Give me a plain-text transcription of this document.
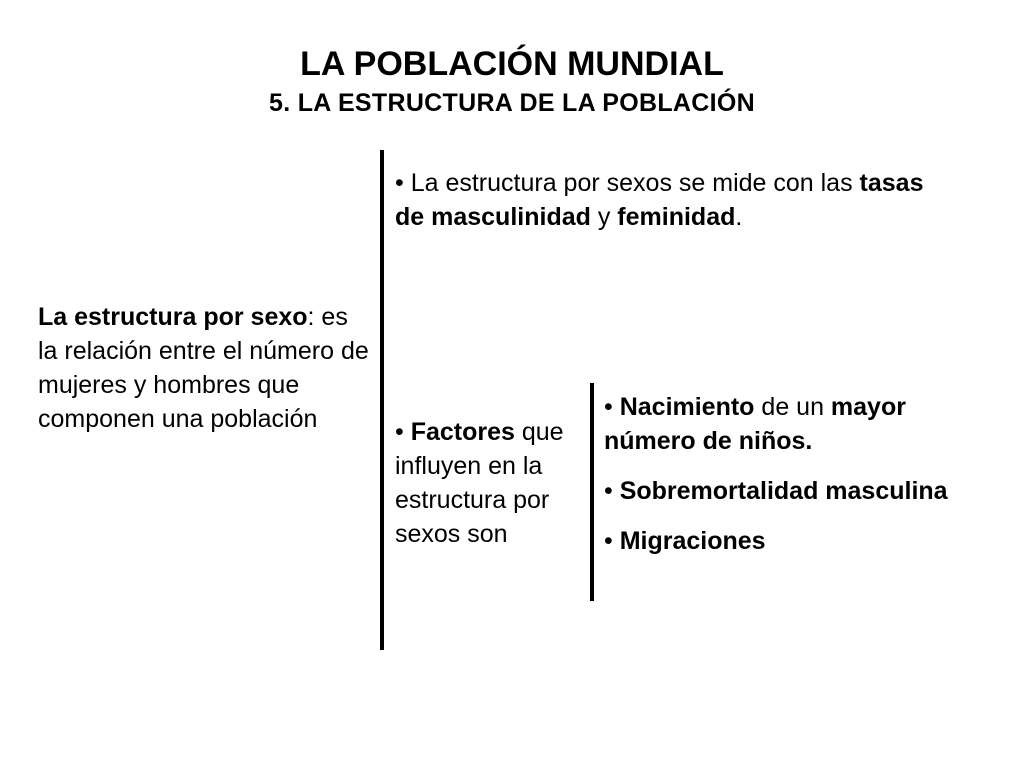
LA POBLACIÓN MUNDIAL
5. LA ESTRUCTURA DE LA POBLACIÓN
La estructura por sexo: es la relación entre el número de mujeres y hombres que componen una población
• La estructura por sexos se mide con las tasas de masculinidad y feminidad.
• Factores que influyen en la estructura por sexos son
• Nacimiento de un mayor número de niños.
• Sobremortalidad masculina
• Migraciones
